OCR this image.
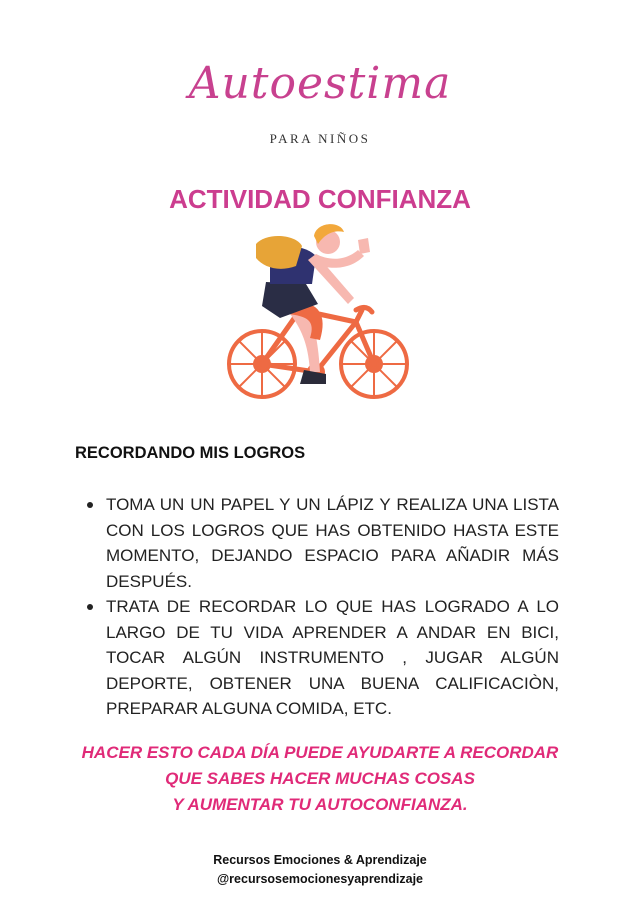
Autoestima
PARA NIÑOS
ACTIVIDAD CONFIANZA
RECORDANDO MIS LOGROS
TOMA UN UN PAPEL Y UN LÁPIZ Y REALIZA UNA LISTA CON LOS LOGROS QUE HAS OBTENIDO HASTA ESTE MOMENTO, DEJANDO ESPACIO PARA AÑADIR MÁS DESPUÉS.
TRATA DE RECORDAR LO QUE HAS LOGRADO A LO LARGO DE TU VIDA APRENDER A ANDAR EN BICI, TOCAR ALGÚN INSTRUMENTO , JUGAR ALGÚN DEPORTE, OBTENER UNA BUENA CALIFICACIÒN, PREPARAR ALGUNA COMIDA, ETC.
HACER ESTO CADA DÍA PUEDE AYUDARTE A RECORDAR
QUE SABES HACER MUCHAS COSAS
Y AUMENTAR TU AUTOCONFIANZA.
Recursos Emociones & Aprendizaje
@recursosemocionesyaprendizaje
